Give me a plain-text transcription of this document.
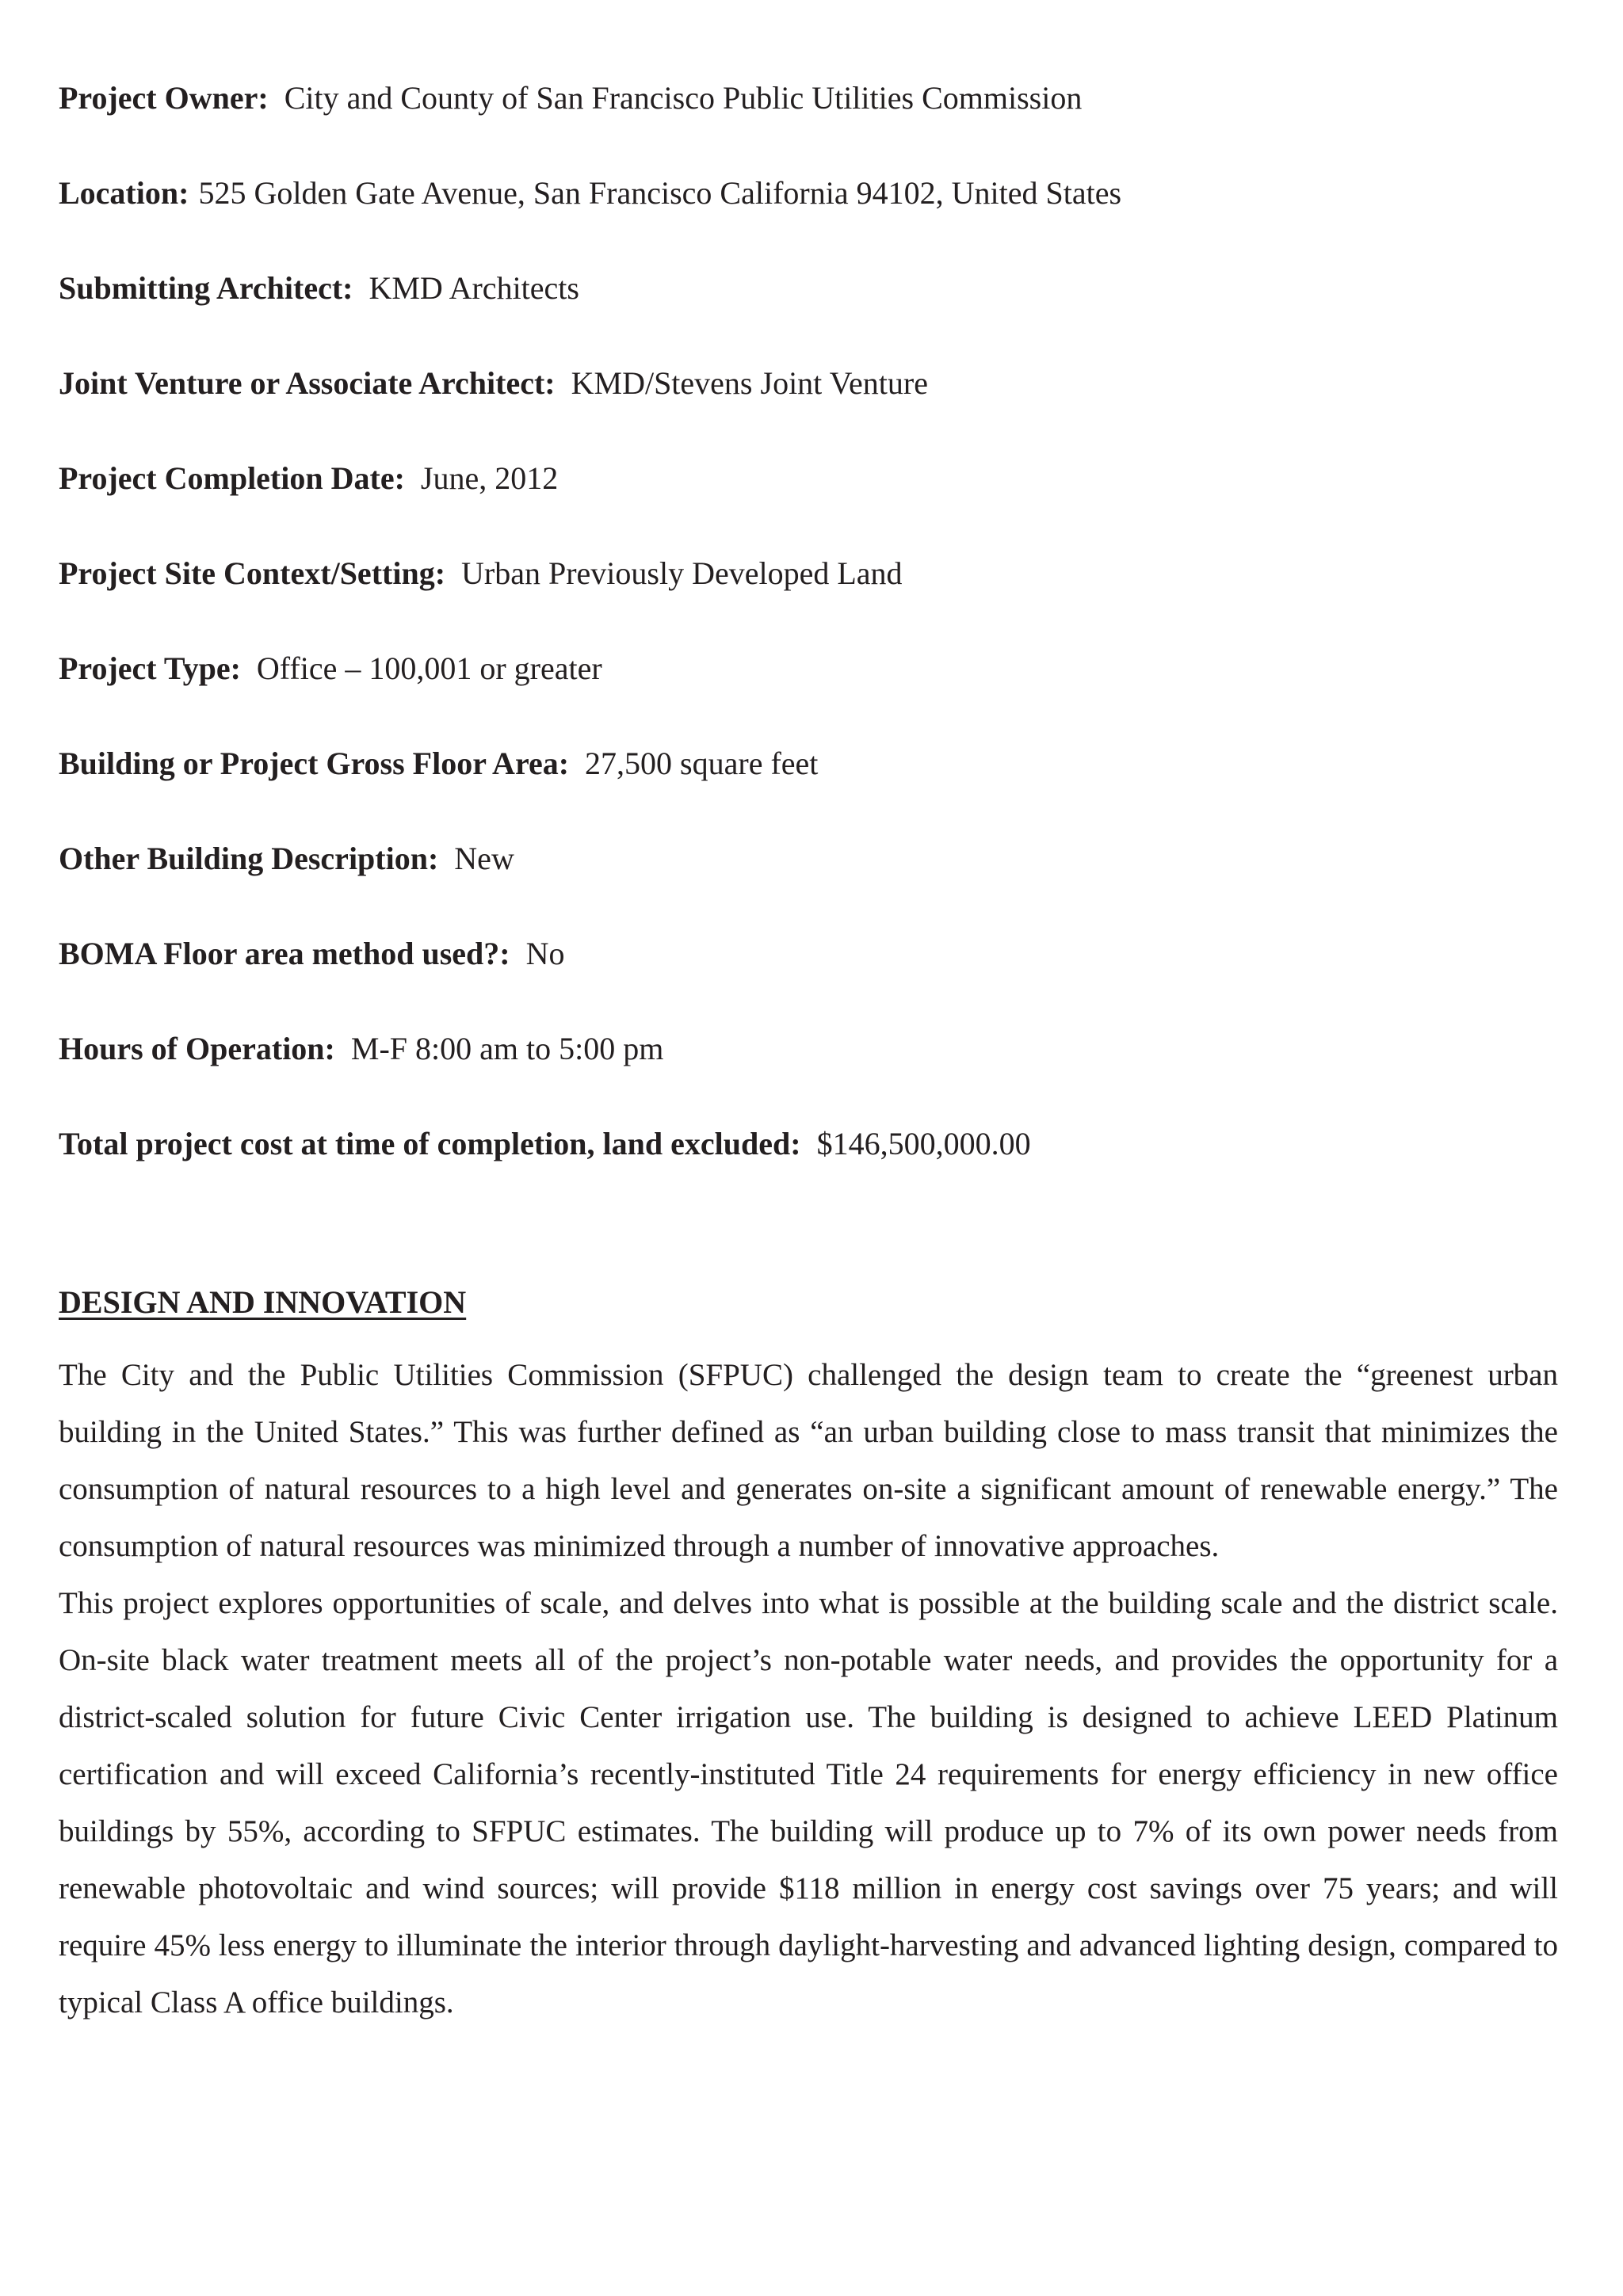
Project Owner: City and County of San Francisco Public Utilities Commission
Location: 525 Golden Gate Avenue, San Francisco California 94102, United States
Submitting Architect: KMD Architects
Joint Venture or Associate Architect: KMD/Stevens Joint Venture
Project Completion Date: June, 2012
Project Site Context/Setting: Urban Previously Developed Land
Project Type: Office – 100,001 or greater
Building or Project Gross Floor Area: 27,500 square feet
Other Building Description: New
BOMA Floor area method used?: No
Hours of Operation: M-F 8:00 am to 5:00 pm
Total project cost at time of completion, land excluded: $146,500,000.00
DESIGN AND INNOVATION

The City and the Public Utilities Commission (SFPUC) challenged the design team to create the “greenest urban building in the United States.” This was further defined as “an urban building close to mass transit that minimizes the consumption of natural resources to a high level and generates on-site a significant amount of renewable energy.” The consumption of natural resources was minimized through a number of innovative approaches.

This project explores opportunities of scale, and delves into what is possible at the building scale and the district scale. On-site black water treatment meets all of the project’s non-potable water needs, and provides the opportunity for a district-scaled solution for future Civic Center irrigation use. The building is designed to achieve LEED Platinum certification and will exceed California’s recently-instituted Title 24 requirements for energy efficiency in new office buildings by 55%, according to SFPUC estimates. The building will produce up to 7% of its own power needs from renewable photovoltaic and wind sources; will provide $118 million in energy cost savings over 75 years; and will require 45% less energy to illuminate the interior through daylight-harvesting and advanced lighting design, compared to typical Class A office buildings.
